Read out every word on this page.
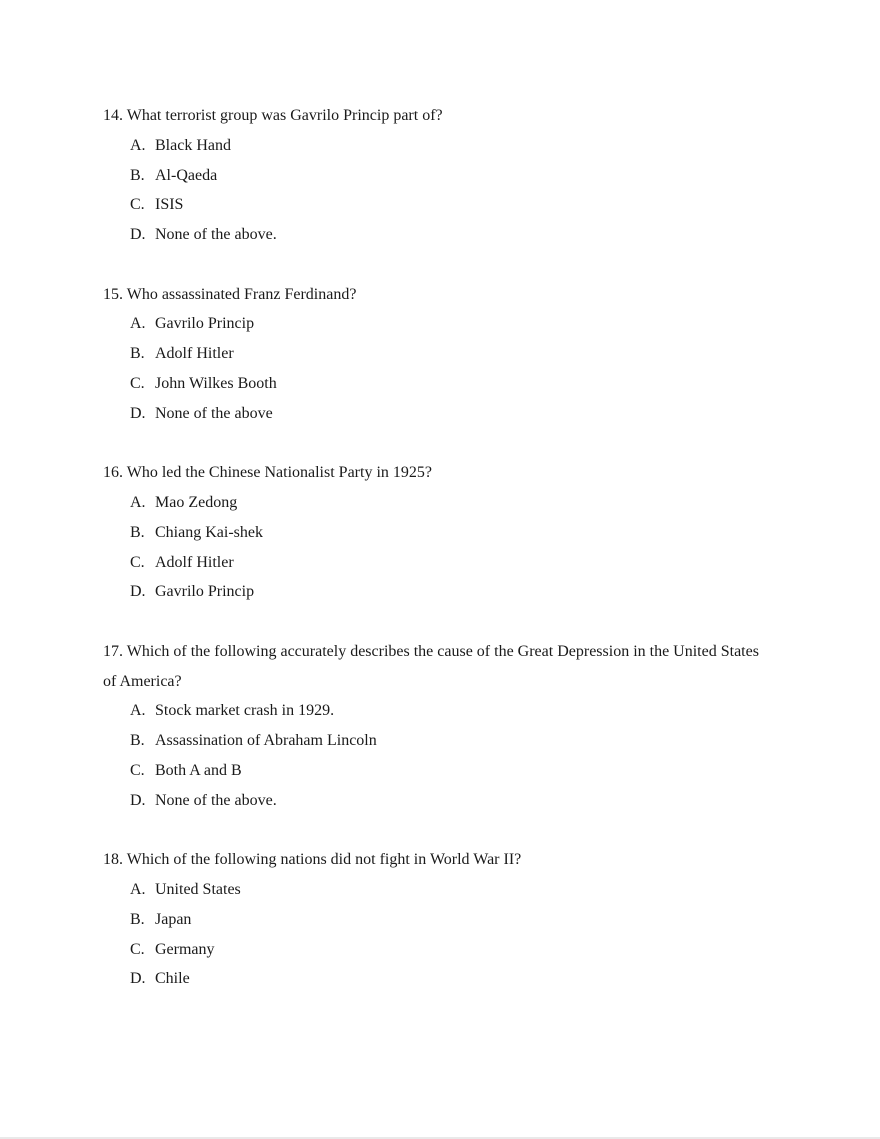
14. What terrorist group was Gavrilo Princip part of?

A. Black Hand
B. Al-Qaeda
C. ISIS
D. None of the above.

15. Who assassinated Franz Ferdinand?

A. Gavrilo Princip
B. Adolf Hitler
C. John Wilkes Booth
D. None of the above

16. Who led the Chinese Nationalist Party in 1925?

A. Mao Zedong
B. Chiang Kai-shek
C. Adolf Hitler
D. Gavrilo Princip

17. Which of the following accurately describes the cause of the Great Depression in the United States of America?

A. Stock market crash in 1929.
B. Assassination of Abraham Lincoln
C. Both A and B
D. None of the above.

18. Which of the following nations did not fight in World War II?

A. United States
B. Japan
C. Germany
D. Chile
